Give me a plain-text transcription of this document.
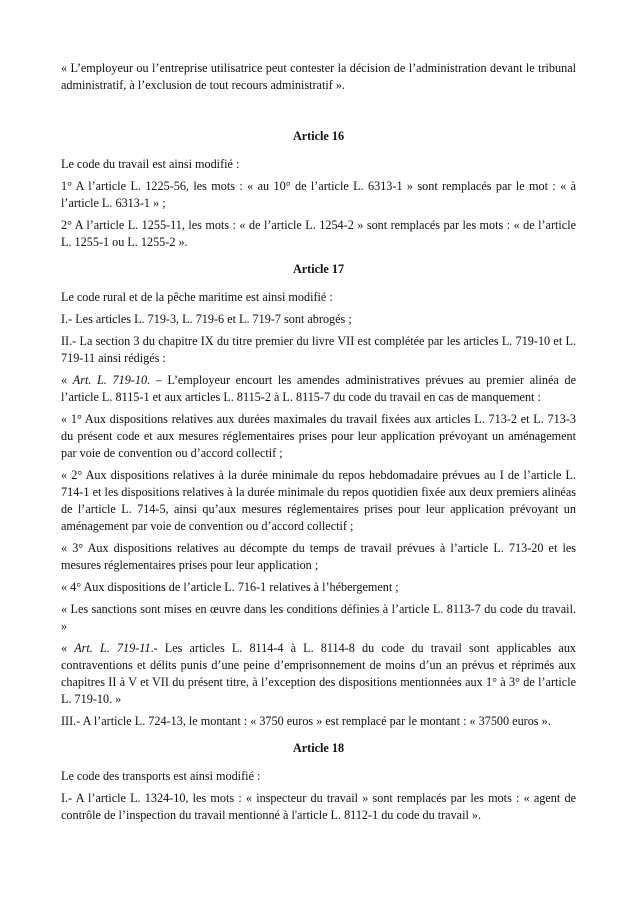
« L’employeur ou l’entreprise utilisatrice peut contester la décision de l’administration devant le tribunal administratif, à l’exclusion de tout recours administratif ».

Article 16

Le code du travail est ainsi modifié :

1° A l’article L. 1225-56, les mots : « au 10° de l’article L. 6313-1 » sont remplacés par le mot : « à l’article L. 6313-1 » ;

2° A l’article L. 1255-11, les mots : « de l’article L. 1254-2 » sont remplacés par les mots : « de l’article L. 1255-1 ou L. 1255-2 ».

Article 17

Le code rural et de la pêche maritime est ainsi modifié :

I.- Les articles L. 719-3, L. 719-6 et L. 719-7 sont abrogés ;

II.- La section 3 du chapitre IX du titre premier du livre VII est complétée par les articles L. 719-10 et L. 719-11 ainsi rédigés :

« Art. L. 719-10. – L’employeur encourt les amendes administratives prévues au premier alinéa de l’article L. 8115-1 et aux articles L. 8115-2 à L. 8115-7 du code du travail en cas de manquement :

« 1° Aux dispositions relatives aux durées maximales du travail fixées aux articles L. 713-2 et L. 713-3 du présent code et aux mesures réglementaires prises pour leur application prévoyant un aménagement par voie de convention ou d’accord collectif ;

« 2° Aux dispositions relatives à la durée minimale du repos hebdomadaire prévues au I de l’article L. 714-1 et les dispositions relatives à la durée minimale du repos quotidien fixée aux deux premiers alinéas de l’article L. 714-5, ainsi qu’aux mesures réglementaires prises pour leur application prévoyant un aménagement par voie de convention ou d’accord collectif ;

« 3° Aux dispositions relatives au décompte du temps de travail prévues à l’article L. 713-20 et les mesures réglementaires prises pour leur application ;

« 4° Aux dispositions de l’article L. 716-1 relatives à l’hébergement ;

« Les sanctions sont mises en œuvre dans les conditions définies à l’article L. 8113-7 du code du travail. »

« Art. L. 719-11.- Les articles L. 8114-4 à L. 8114-8 du code du travail sont applicables aux contraventions et délits punis d’une peine d’emprisonnement de moins d’un an prévus et réprimés aux chapitres II à V et VII du présent titre, à l’exception des dispositions mentionnées aux 1° à 3° de l’article L. 719-10. »

III.- A l’article L. 724-13, le montant : « 3750 euros » est remplacé par le montant : « 37500 euros ».

Article 18

Le code des transports est ainsi modifié :

I.- A l’article L. 1324-10, les mots : « inspecteur du travail » sont remplacés par les mots : « agent de contrôle de l’inspection du travail mentionné à l'article L. 8112-1 du code du travail ».
